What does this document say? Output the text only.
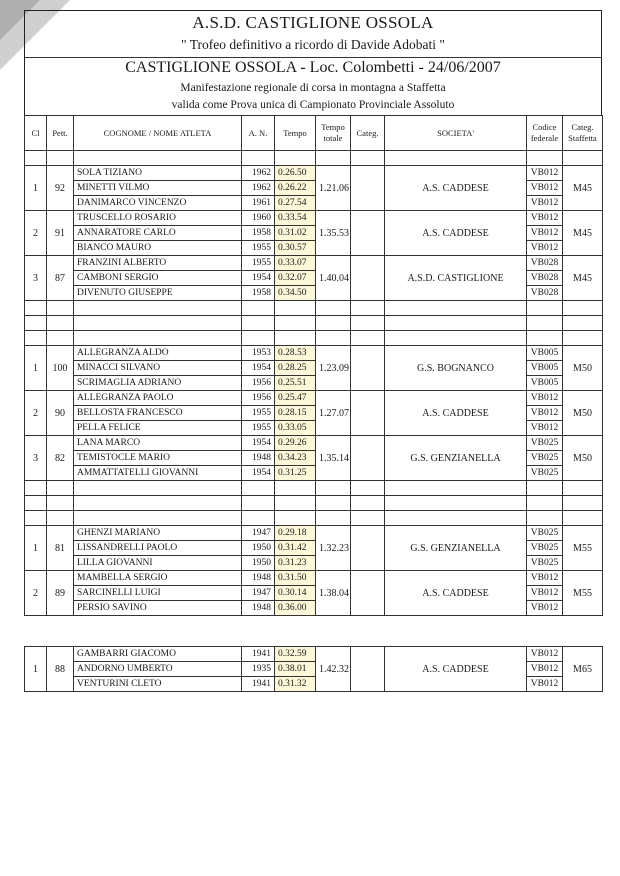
A.S.D. CASTIGLIONE OSSOLA
" Trofeo definitivo a ricordo di Davide Adobati "
CASTIGLIONE OSSOLA - Loc. Colombetti - 24/06/2007
Manifestazione regionale di corsa in montagna a Staffetta
valida come Prova unica di Campionato Provinciale Assoluto
Cl	Pett.	COGNOME / NOME ATLETA	A. N.	Tempo	Tempo totale	Categ.	SOCIETA'	Codice federale	Categ. Staffetta

1	92	SOLA TIZIANO	1962	0.26.50	1.21.06		A.S. CADDESE	VB012	M45
		MINETTI VILMO	1962	0.26.22				VB012	
		DANIMARCO VINCENZO	1961	0.27.54				VB012	
2	91	TRUSCELLO ROSARIO	1960	0.33.54	1.35.53		A.S. CADDESE	VB012	M45
		ANNARATORE CARLO	1958	0.31.02				VB012	
		BIANCO MAURO	1955	0.30.57				VB012	
3	87	FRANZINI ALBERTO	1955	0.33.07	1.40.04		A.S.D. CASTIGLIONE	VB028	M45
		CAMBONI SERGIO	1954	0.32.07				VB028	
		DIVENUTO GIUSEPPE	1958	0.34.50				VB028	

1	100	ALLEGRANZA ALDO	1953	0.28.53	1.23.09		G.S. BOGNANCO	VB005	M50
		MINACCI SILVANO	1954	0.28.25				VB005	
		SCRIMAGLIA ADRIANO	1956	0.25.51				VB005	
2	90	ALLEGRANZA PAOLO	1956	0.25.47	1.27.07		A.S. CADDESE	VB012	M50
		BELLOSTA FRANCESCO	1955	0.28.15				VB012	
		PELLA FELICE	1955	0.33.05				VB012	
3	82	LANA MARCO	1954	0.29.26	1.35.14		G.S. GENZIANELLA	VB025	M50
		TEMISTOCLE MARIO	1948	0.34.23				VB025	
		AMMATTATELLI GIOVANNI	1954	0.31.25				VB025	

1	81	GHENZI MARIANO	1947	0.29.18	1.32.23		G.S. GENZIANELLA	VB025	M55
		LISSANDRELLI PAOLO	1950	0.31.42				VB025	
		LILLA GIOVANNI	1950	0.31.23				VB025	
2	89	MAMBELLA SERGIO	1948	0.31.50	1.38.04		A.S. CADDESE	VB012	M55
		SARCINELLI LUIGI	1947	0.30.14				VB012	
		PERSIO SAVINO	1948	0.36.00				VB012	
1	88	GAMBARRI GIACOMO	1941	0.32.59	1.42.32		A.S. CADDESE	VB012	M65
		ANDORNO UMBERTO	1935	0.38.01				VB012	
		VENTURINI CLETO	1941	0.31.32				VB012	
